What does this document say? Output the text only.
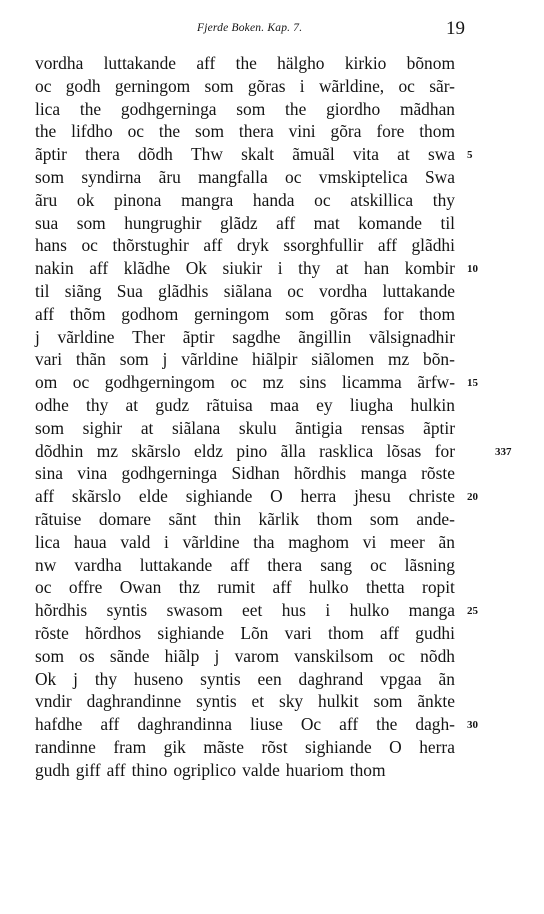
Fjerde Boken. Kap. 7.	19
vordha luttakande aff the hälgho kirkio bõnom
oc godh gerningom som gõras i wãrldine, oc sãr-
lica the godhgerninga som the giordho mãdhan
the lifdho oc the som thera vini gõra fore thom
ãptir thera dõdh Thw skalt ãmuãl vita at swa
som syndirna ãru mangfalla oc vmskiptelica Swa
ãru ok pinona mangra handa oc atskillica thy
sua som hungrughir glãdz aff mat komande til
hans oc thõrstughir aff dryk ssorghfullir aff glãdhi
nakin aff klãdhe Ok siukir i thy at han kombir
til siãng Sua glãdhis siãlana oc vordha luttakande
aff thõm godhom gerningom som gõras for thom
j vãrldine Ther ãptir sagdhe ãngillin vãlsignadhir
vari thãn som j vãrldine hiãlpir siãlomen mz bõn-
om oc godhgerningom oc mz sins licamma ãrfw-
odhe thy at gudz rãtuisa maa ey liugha hulkin
som sighir at siãlana skulu ãntigia rensas ãptir
dõdhin mz skãrslo eldz pino ãlla rasklica lõsas for
sina vina godhgerninga Sidhan hõrdhis manga rõste
aff skãrslo elde sighiande O herra jhesu christe
rãtuise domare sãnt thin kãrlik thom som ande-
lica haua vald i vãrldine tha maghom vi meer ãn
nw vardha luttakande aff thera sang oc lãsning
oc offre Owan thz rumit aff hulko thetta ropit
hõrdhis syntis swasom eet hus i hulko manga
rõste hõrdhos sighiande Lõn vari thom aff gudhi
som os sãnde hiãlp j varom vanskilsom oc nõdh
Ok j thy huseno syntis een daghrand vpgaa ãn
vndir daghrandinne syntis et sky hulkit som ãnkte
hafdhe aff daghrandinna liuse Oc aff the dagh-
randinne fram gik mãste rõst sighiande O herra
gudh giff aff thino ogriplico valde huariom thom
5
10
15
20
25
30
337
